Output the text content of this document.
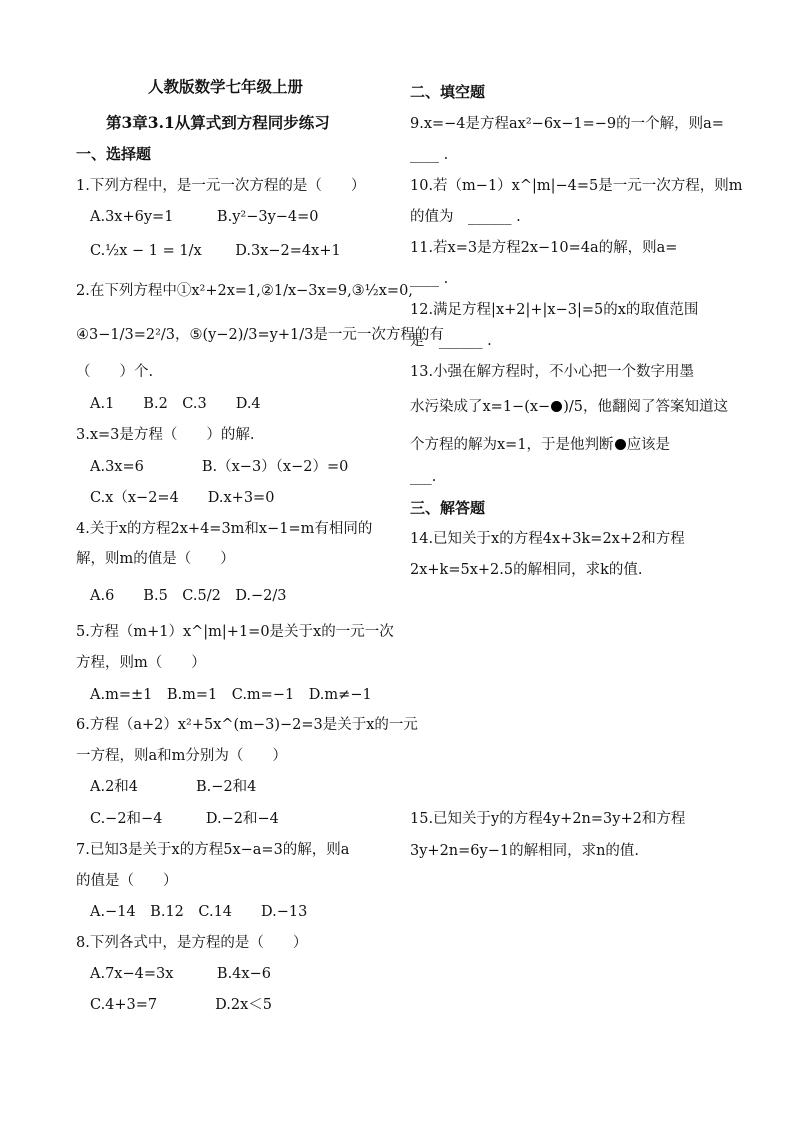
人教版数学七年级上册
第3章3.1从算式到方程同步练习
一、选择题
1.下列方程中，是一元一次方程的是（　　）
A.3x+6y=1　　　B.y²−3y−4=0
C.½x − 1 = 1/x　　 D.3x−2=4x+1
2.在下列方程中①x²+2x=1,②1/x−3x=9,③½x=0,
④3−1/3=2²/3，⑤(y−2)/3=y+1/3是一元一次方程的有
（　　）个.
A.1　　B.2　C.3　　D.4
3.x=3是方程（　　）的解.
A.3x=6　　　　B.（x−3）（x−2）=0
C.x（x−2=4　　D.x+3=0
4.关于x的方程2x+4=3m和x−1=m有相同的
解，则m的值是（　　）
A.6　　B.5　C.5/2　D.−2/3
5.方程（m+1）x^|m|+1=0是关于x的一元一次
方程，则m（　　）
A.m=±1　B.m=1　C.m=−1　D.m≠−1
6.方程（a+2）x²+5x^(m−3)−2=3是关于x的一元
一方程，则a和m分别为（　　）
A.2和4　　　　B.−2和4
C.−2和−4　　　D.−2和−4
7.已知3是关于x的方程5x−a=3的解，则a
的值是（　　）
A.−14　B.12　C.14　　D.−13
8.下列各式中，是方程的是（　　）
A.7x−4=3x　　　B.4x−6
C.4+3=7　　　　D.2x＜5
二、填空题
9.x=−4是方程ax²−6x−1=−9的一个解，则a=
____ .
10.若（m−1）x^|m|−4=5是一元一次方程，则m
的值为　______ .
11.若x=3是方程2x−10=4a的解，则a=
____ .
12.满足方程|x+2|+|x−3|=5的x的取值范围
是　______ .
13.小强在解方程时，不小心把一个数字用墨
水污染成了x=1−(x− )/5，他翻阅了答案知道这
个方程的解为x=1，于是他判断 应该是
___.
三、解答题
14.已知关于x的方程4x+3k=2x+2和方程
2x+k=5x+2.5的解相同，求k的值.
15.已知关于y的方程4y+2n=3y+2和方程
3y+2n=6y−1的解相同，求n的值.
